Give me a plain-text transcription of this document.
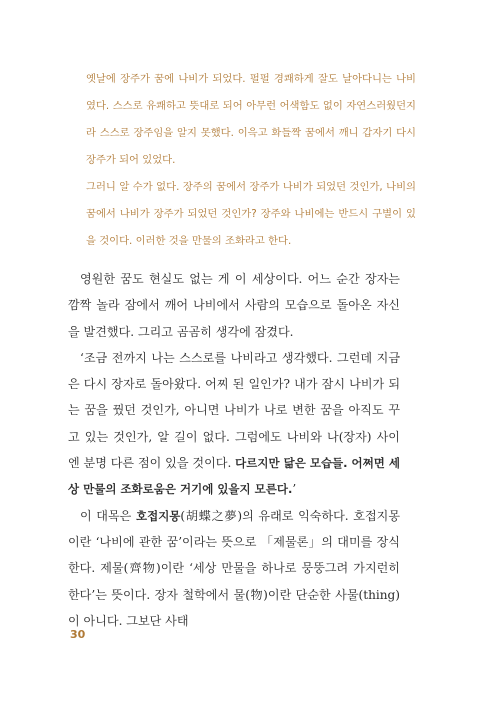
옛날에 장주가 꿈에 나비가 되었다. 펄펄 경쾌하게 잘도 날아다니는 나비였다. 스스로 유쾌하고 뜻대로 되어 아무런 어색함도 없이 자연스러웠던지라 스스로 장주임을 알지 못했다. 이윽고 화들짝 꿈에서 깨니 갑자기 다시 장주가 되어 있었다.

그러니 알 수가 없다. 장주의 꿈에서 장주가 나비가 되었던 것인가, 나비의 꿈에서 나비가 장주가 되었던 것인가? 장주와 나비에는 반드시 구별이 있을 것이다. 이러한 것을 만물의 조화라고 한다.

영원한 꿈도 현실도 없는 게 이 세상이다. 어느 순간 장자는 깜짝 놀라 잠에서 깨어 나비에서 사람의 모습으로 돌아온 자신을 발견했다. 그리고 곰곰히 생각에 잠겼다.

‘조금 전까지 나는 스스로를 나비라고 생각했다. 그런데 지금은 다시 장자로 돌아왔다. 어찌 된 일인가? 내가 잠시 나비가 되는 꿈을 꿨던 것인가, 아니면 나비가 나로 변한 꿈을 아직도 꾸고 있는 것인가, 알 길이 없다. 그럼에도 나비와 나(장자) 사이엔 분명 다른 점이 있을 것이다. 다르지만 닮은 모습들. 어쩌면 세상 만물의 조화로움은 거기에 있을지 모른다.’

이 대목은 호접지몽(胡蝶之夢)의 유래로 익숙하다. 호접지몽이란 ‘나비에 관한 꿈’이라는 뜻으로 「제물론」의 대미를 장식한다. 제물(齊物)이란 ‘세상 만물을 하나로 뭉뚱그려 가지런히 한다’는 뜻이다. 장자 철학에서 물(物)이란 단순한 사물(thing)이 아니다. 그보단 사태

30
